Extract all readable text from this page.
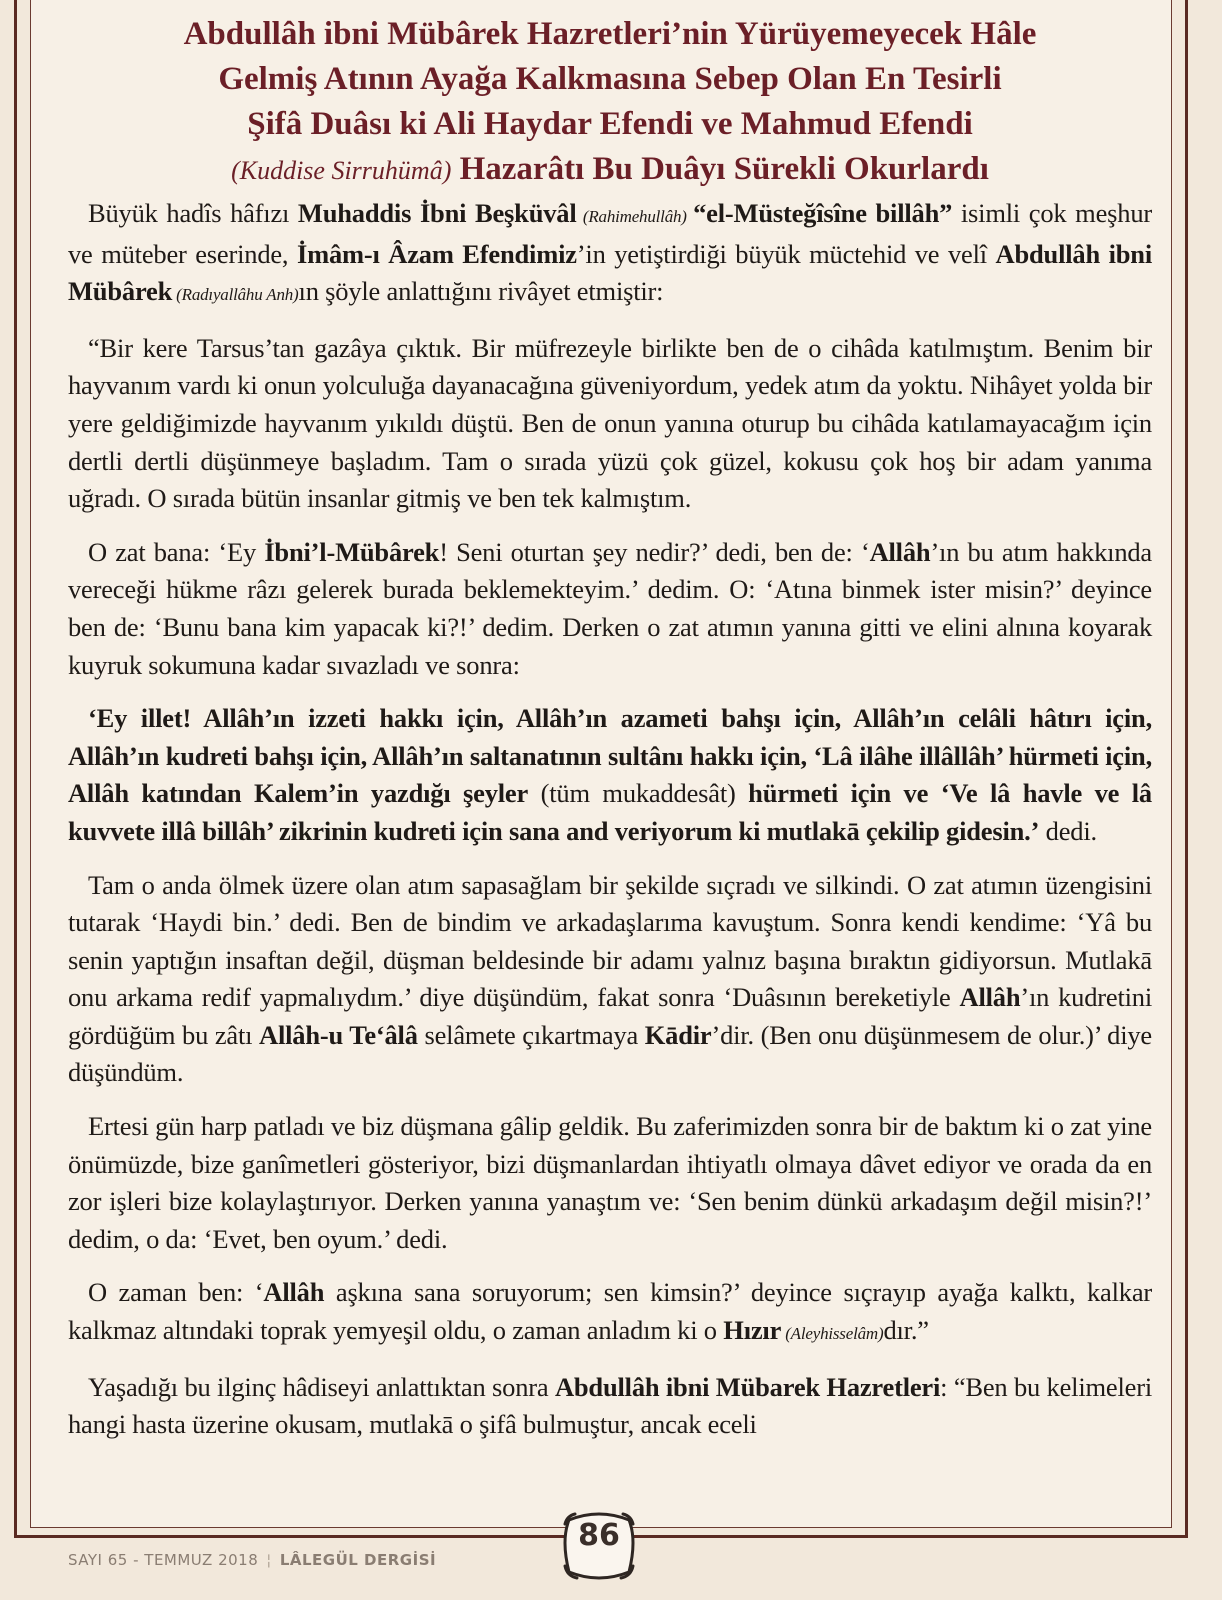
Abdullâh ibni Mübârek Hazretleri’nin Yürüyemeyecek Hâle
Gelmiş Atının Ayağa Kalkmasına Sebep Olan En Tesirli
Şifâ Duâsı ki Ali Haydar Efendi ve Mahmud Efendi
(Kuddise Sirruhümâ) Hazarâtı Bu Duâyı Sürekli Okurlardı

Büyük hadîs hâfızı Muhaddis İbni Beşküvâl (Rahimehullâh) “el-Müsteğîsîne billâh” isimli çok meşhur ve müteber eserinde, İmâm-ı Âzam Efendimiz’in yetiştirdiği büyük müctehid ve velî Abdullâh ibni Mübârek (Radıyallâhu Anh)ın şöyle anlattığını rivâyet etmiştir:

“Bir kere Tarsus’tan gazâya çıktık. Bir müfrezeyle birlikte ben de o cihâda katılmıştım. Benim bir hayvanım vardı ki onun yolculuğa dayanacağına güveniyordum, yedek atım da yoktu. Nihâyet yolda bir yere geldiğimizde hayvanım yıkıldı düştü. Ben de onun yanına oturup bu cihâda katılamayacağım için dertli dertli düşünmeye başladım. Tam o sırada yüzü çok güzel, kokusu çok hoş bir adam yanıma uğradı. O sırada bütün insanlar gitmiş ve ben tek kalmıştım.

O zat bana: ‘Ey İbni’l-Mübârek! Seni oturtan şey nedir?’ dedi, ben de: ‘Allâh’ın bu atım hakkında vereceği hükme râzı gelerek burada beklemekteyim.’ dedim. O: ‘Atına binmek ister misin?’ deyince ben de: ‘Bunu bana kim yapacak ki?!’ dedim. Derken o zat atımın yanına gitti ve elini alnına koyarak kuyruk sokumuna kadar sıvazladı ve sonra:

‘Ey illet! Allâh’ın izzeti hakkı için, Allâh’ın azameti bahşı için, Allâh’ın celâli hâtırı için, Allâh’ın kudreti bahşı için, Allâh’ın saltanatının sultânı hakkı için, ‘Lâ ilâhe illâllâh’ hürmeti için, Allâh katından Kalem’in yazdığı şeyler (tüm mukaddesât) hürmeti için ve ‘Ve lâ havle ve lâ kuvvete illâ billâh’ zikrinin kudreti için sana and veriyorum ki mutlakā çekilip gidesin.’ dedi.

Tam o anda ölmek üzere olan atım sapasağlam bir şekilde sıçradı ve silkindi. O zat atımın üzengisini tutarak ‘Haydi bin.’ dedi. Ben de bindim ve arkadaşlarıma kavuştum. Sonra kendi kendime: ‘Yâ bu senin yaptığın insaftan değil, düşman beldesinde bir adamı yalnız başına bıraktın gidiyorsun. Mutlakā onu arkama redif yapmalıydım.’ diye düşündüm, fakat sonra ‘Duâsının bereketiyle Allâh’ın kudretini gördüğüm bu zâtı Allâh-u Te‘âlâ selâmete çıkartmaya Kādir’dir. (Ben onu düşünmesem de olur.)’ diye düşündüm.

Ertesi gün harp patladı ve biz düşmana gâlip geldik. Bu zaferimizden sonra bir de baktım ki o zat yine önümüzde, bize ganîmetleri gösteriyor, bizi düşmanlardan ihtiyatlı olmaya dâvet ediyor ve orada da en zor işleri bize kolaylaştırıyor. Derken yanına yanaştım ve: ‘Sen benim dünkü arkadaşım değil misin?!’ dedim, o da: ‘Evet, ben oyum.’ dedi.

O zaman ben: ‘Allâh aşkına sana soruyorum; sen kimsin?’ deyince sıçrayıp ayağa kalktı, kalkar kalkmaz altındaki toprak yemyeşil oldu, o zaman anladım ki o Hızır (Aleyhisselâm)dır.”

Yaşadığı bu ilginç hâdiseyi anlattıktan sonra Abdullâh ibni Mübarek Hazretleri: “Ben bu kelimeleri hangi hasta üzerine okusam, mutlakā o şifâ bulmuştur, ancak eceli

SAYI 65 - TEMMUZ 2018 ¦ LÂLEGÜL DERGİSİ
86
